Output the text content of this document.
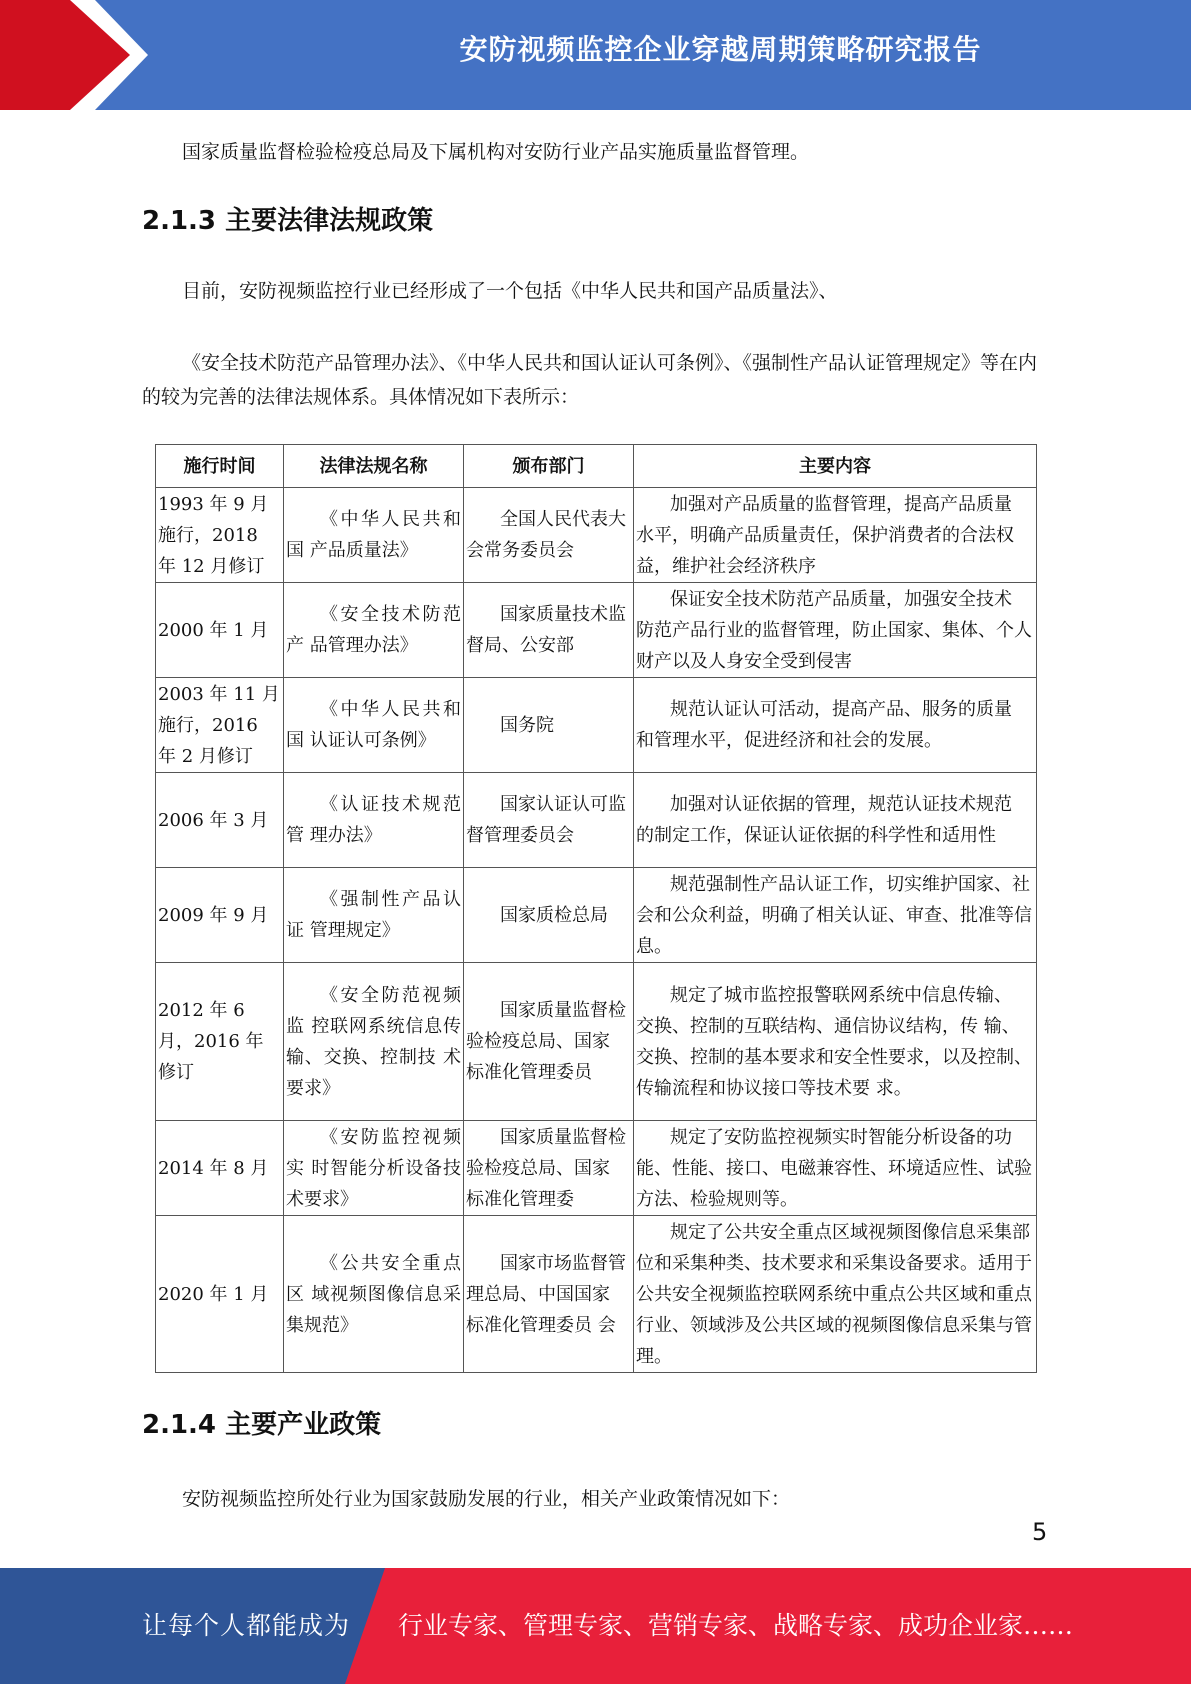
安防视频监控企业穿越周期策略研究报告

国家质量监督检验检疫总局及下属机构对安防行业产品实施质量监督管理。

2.1.3 主要法律法规政策

目前，安防视频监控行业已经形成了一个包括《中华人民共和国产品质量法》、

《安全技术防范产品管理办法》、《中华人民共和国认证认可条例》、《强制性产品认证管理规定》等在内的较为完善的法律法规体系。具体情况如下表所示：

施行时间	法律法规名称	颁布部门	主要内容
1993 年 9 月施行，2018 年 12 月修订	《中华人民共和国 产品质量法》	全国人民代表大 会常务委员会	加强对产品质量的监督管理，提高产品质量 水平，明确产品质量责任，保护消费者的合法权益，维护社会经济秩序
2000 年 1 月	《安全技术防范产 品管理办法》	国家质量技术监 督局、公安部	保证安全技术防范产品质量，加强安全技术 防范产品行业的监督管理，防止国家、集体、个人财产以及人身安全受到侵害
2003 年 11 月施行，2016 年 2 月修订	《中华人民共和国 认证认可条例》	国务院	规范认证认可活动，提高产品、服务的质量 和管理水平，促进经济和社会的发展。
2006 年 3 月	《认证技术规范管 理办法》	国家认证认可监 督管理委员会	加强对认证依据的管理，规范认证技术规范 的制定工作，保证认证依据的科学性和适用性
2009 年 9 月	《强制性产品认证 管理规定》	国家质检总局	规范强制性产品认证工作，切实维护国家、社会和公众利益，明确了相关认证、审查、批准等信息。
2012 年 6 月，2016 年修订	《安全防范视频监 控联网系统信息传 输、交换、控制技 术要求》	国家质量监督检 验检疫总局、国家 标准化管理委员	规定了城市监控报警联网系统中信息传输、 交换、控制的互联结构、通信协议结构，传 输、交换、控制的基本要求和安全性要求，以及控制、传输流程和协议接口等技术要 求。
2014 年 8 月	《安防监控视频实 时智能分析设备技 术要求》	国家质量监督检 验检疫总局、国家 标准化管理委	规定了安防监控视频实时智能分析设备的功能、性能、接口、电磁兼容性、环境适应性、试验方法、检验规则等。
2020 年 1 月	《公共安全重点区 域视频图像信息采 集规范》	国家市场监督管 理总局、中国国家 标准化管理委员 会	规定了公共安全重点区域视频图像信息采集部位和采集种类、技术要求和采集设备要求。适用于公共安全视频监控联网系统中重点公共区域和重点行业、领域涉及公共区域的视频图像信息采集与管理。
2.1.4 主要产业政策

安防视频监控所处行业为国家鼓励发展的行业，相关产业政策情况如下：

5
让每个人都能成为 行业专家、管理专家、营销专家、战略专家、成功企业家……
